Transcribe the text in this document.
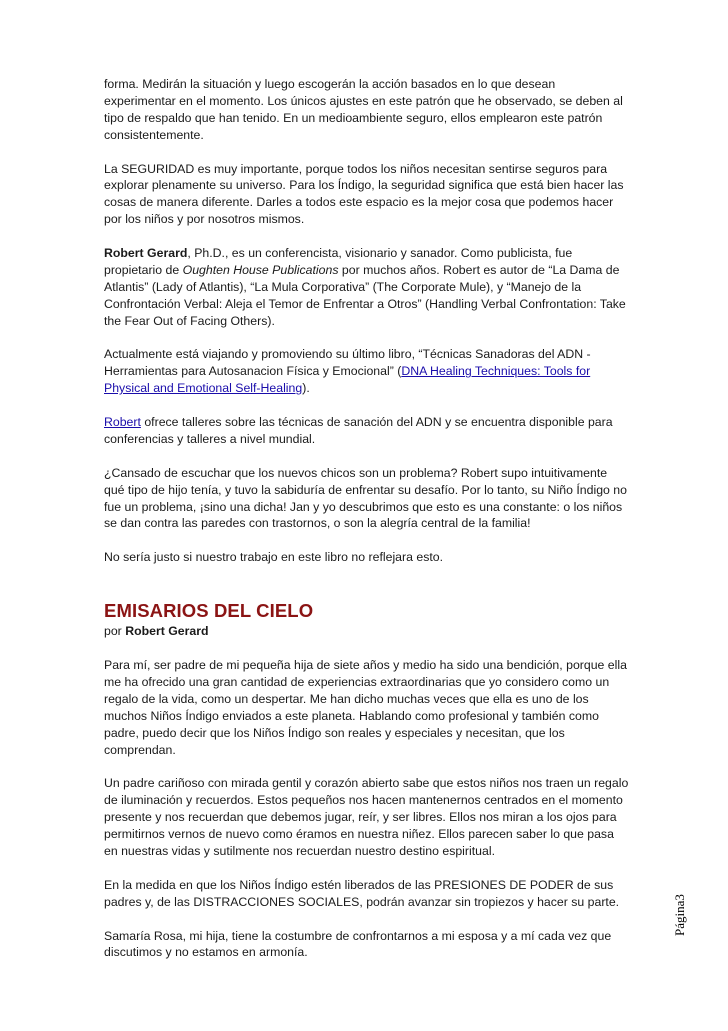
forma. Medirán la situación y luego escogerán la acción basados en lo que desean experimentar en el momento. Los únicos ajustes en este patrón que he observado, se deben al tipo de respaldo que han tenido. En un medioambiente seguro, ellos emplearon este patrón consistentemente.

La SEGURIDAD es muy importante, porque todos los niños necesitan sentirse seguros para explorar plenamente su universo. Para los Índigo, la seguridad significa que está bien hacer las cosas de manera diferente. Darles a todos este espacio es la mejor cosa que podemos hacer por los niños y por nosotros mismos.

Robert Gerard, Ph.D., es un conferencista, visionario y sanador. Como publicista, fue propietario de Oughten House Publications por muchos años. Robert es autor de “La Dama de Atlantis” (Lady of Atlantis), “La Mula Corporativa” (The Corporate Mule), y “Manejo de la Confrontación Verbal: Aleja el Temor de Enfrentar a Otros” (Handling Verbal Confrontation: Take the Fear Out of Facing Others).

Actualmente está viajando y promoviendo su último libro, “Técnicas Sanadoras del ADN - Herramientas para Autosanacion Física y Emocional” (DNA Healing Techniques: Tools for Physical and Emotional Self-Healing).

Robert ofrece talleres sobre las técnicas de sanación del ADN y se encuentra disponible para conferencias y talleres a nivel mundial.

¿Cansado de escuchar que los nuevos chicos son un problema? Robert supo intuitivamente qué tipo de hijo tenía, y tuvo la sabiduría de enfrentar su desafío. Por lo tanto, su Niño Índigo no fue un problema, ¡sino una dicha! Jan y yo descubrimos que esto es una constante: o los niños se dan contra las paredes con trastornos, o son la alegría central de la familia!

No sería justo si nuestro trabajo en este libro no reflejara esto.

EMISARIOS DEL CIELO

por Robert Gerard

Para mí, ser padre de mi pequeña hija de siete años y medio ha sido una bendición, porque ella me ha ofrecido una gran cantidad de experiencias extraordinarias que yo considero como un regalo de la vida, como un despertar. Me han dicho muchas veces que ella es uno de los muchos Niños Índigo enviados a este planeta. Hablando como profesional y también como padre, puedo decir que los Niños Índigo son reales y especiales y necesitan, que los comprendan.

Un padre cariñoso con mirada gentil y corazón abierto sabe que estos niños nos traen un regalo de iluminación y recuerdos. Estos pequeños nos hacen mantenernos centrados en el momento presente y nos recuerdan que debemos jugar, reír, y ser libres. Ellos nos miran a los ojos para permitirnos vernos de nuevo como éramos en nuestra niñez. Ellos parecen saber lo que pasa en nuestras vidas y sutilmente nos recuerdan nuestro destino espiritual.

En la medida en que los Niños Índigo estén liberados de las PRESIONES DE PODER de sus padres y, de las DISTRACCIONES SOCIALES, podrán avanzar sin tropiezos y hacer su parte.

Samaría Rosa, mi hija, tiene la costumbre de confrontarnos a mi esposa y a mí cada vez que discutimos y no estamos en armonía.

Página3
